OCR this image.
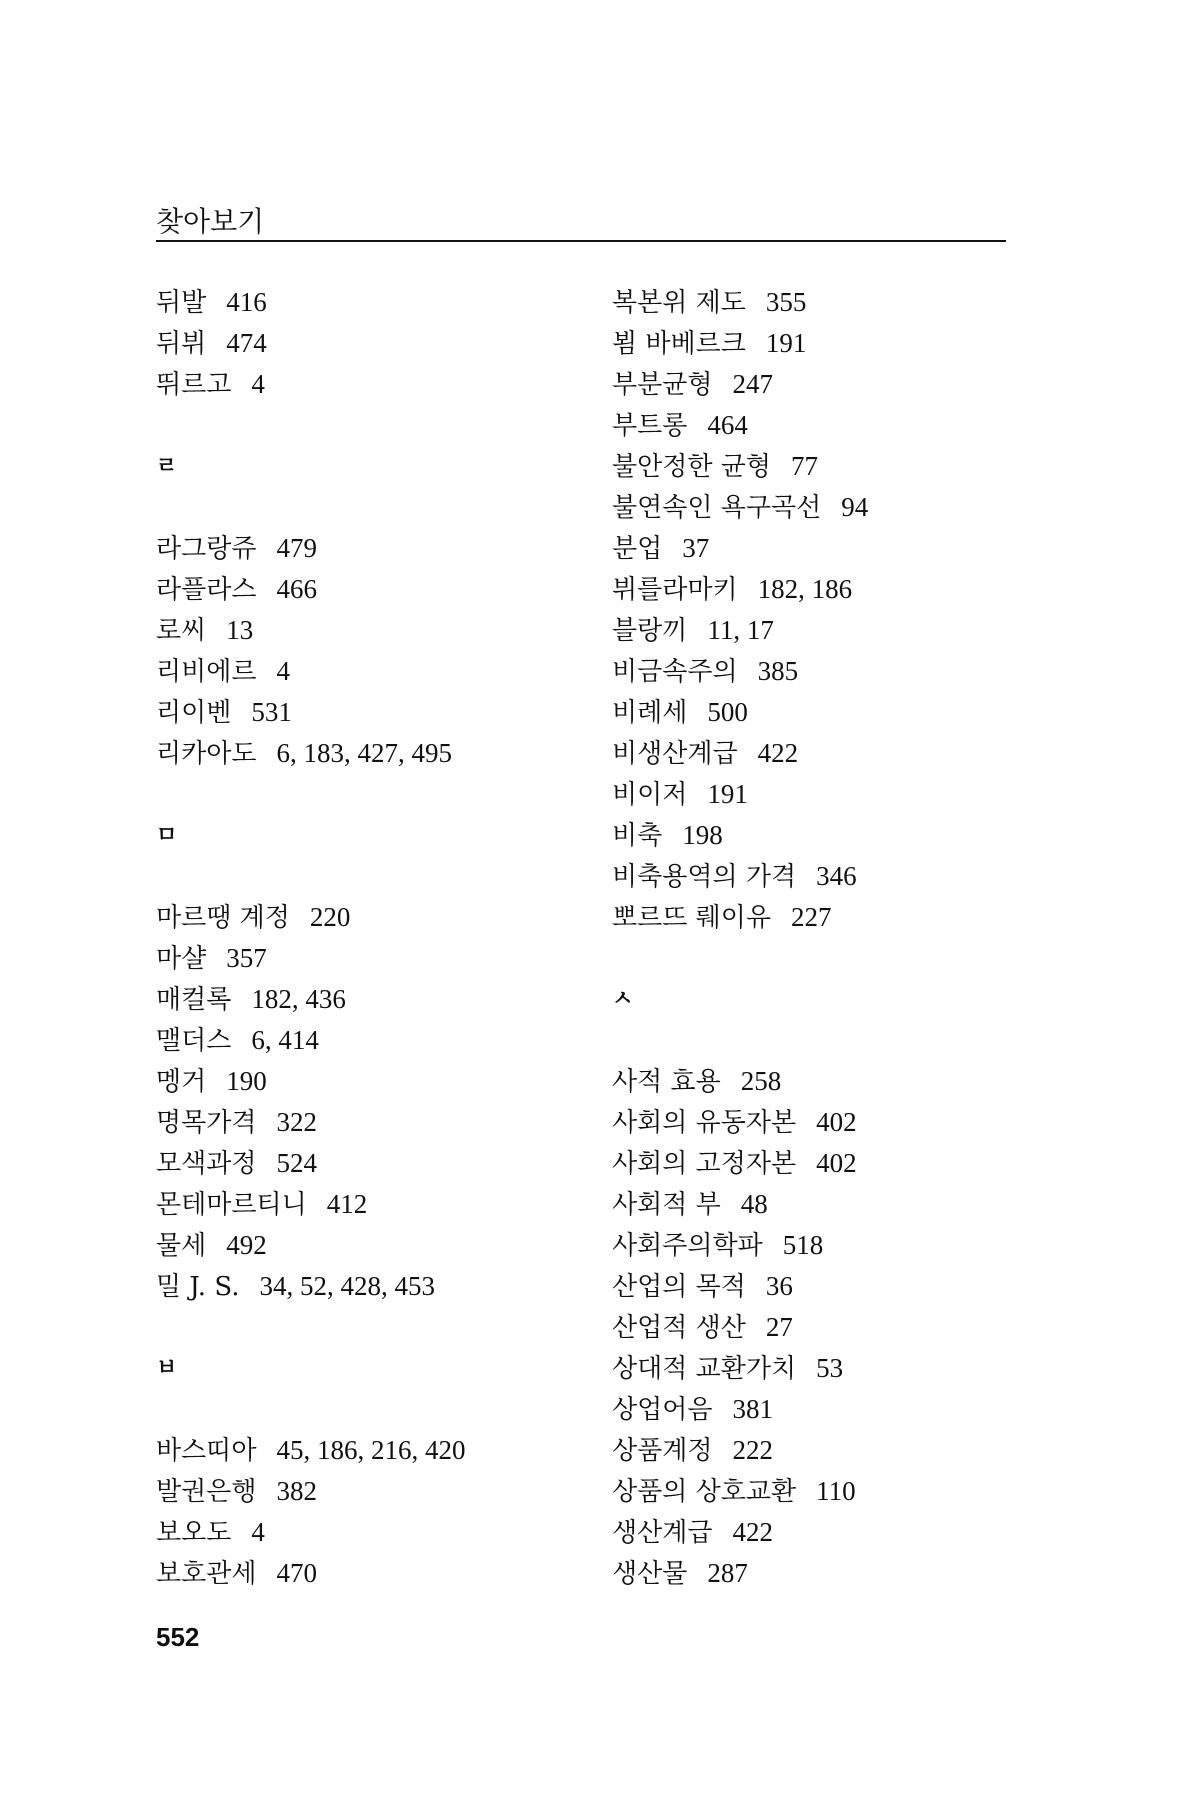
찾아보기
뒤발 416
뒤뷔 474
뛰르고 4
ㄹ
라그랑쥬 479
라플라스 466
로씨 13
리비에르 4
리이벤 531
리카아도 6, 183, 427, 495
ㅁ
마르땡 계정 220
마샬 357
매컬록 182, 436
맬더스 6, 414
멩거 190
명목가격 322
모색과정 524
몬테마르티니 412
물세 492
밀 J. S. 34, 52, 428, 453
ㅂ
바스띠아 45, 186, 216, 420
발권은행 382
보오도 4
보호관세 470
복본위 제도 355
뵘 바베르크 191
부분균형 247
부트롱 464
불안정한 균형 77
불연속인 욕구곡선 94
분업 37
뷔를라마키 182, 186
블랑끼 11, 17
비금속주의 385
비례세 500
비생산계급 422
비이저 191
비축 198
비축용역의 가격 346
뽀르뜨 뤠이유 227
ㅅ
사적 효용 258
사회의 유동자본 402
사회의 고정자본 402
사회적 부 48
사회주의학파 518
산업의 목적 36
산업적 생산 27
상대적 교환가치 53
상업어음 381
상품계정 222
상품의 상호교환 110
생산계급 422
생산물 287
552
